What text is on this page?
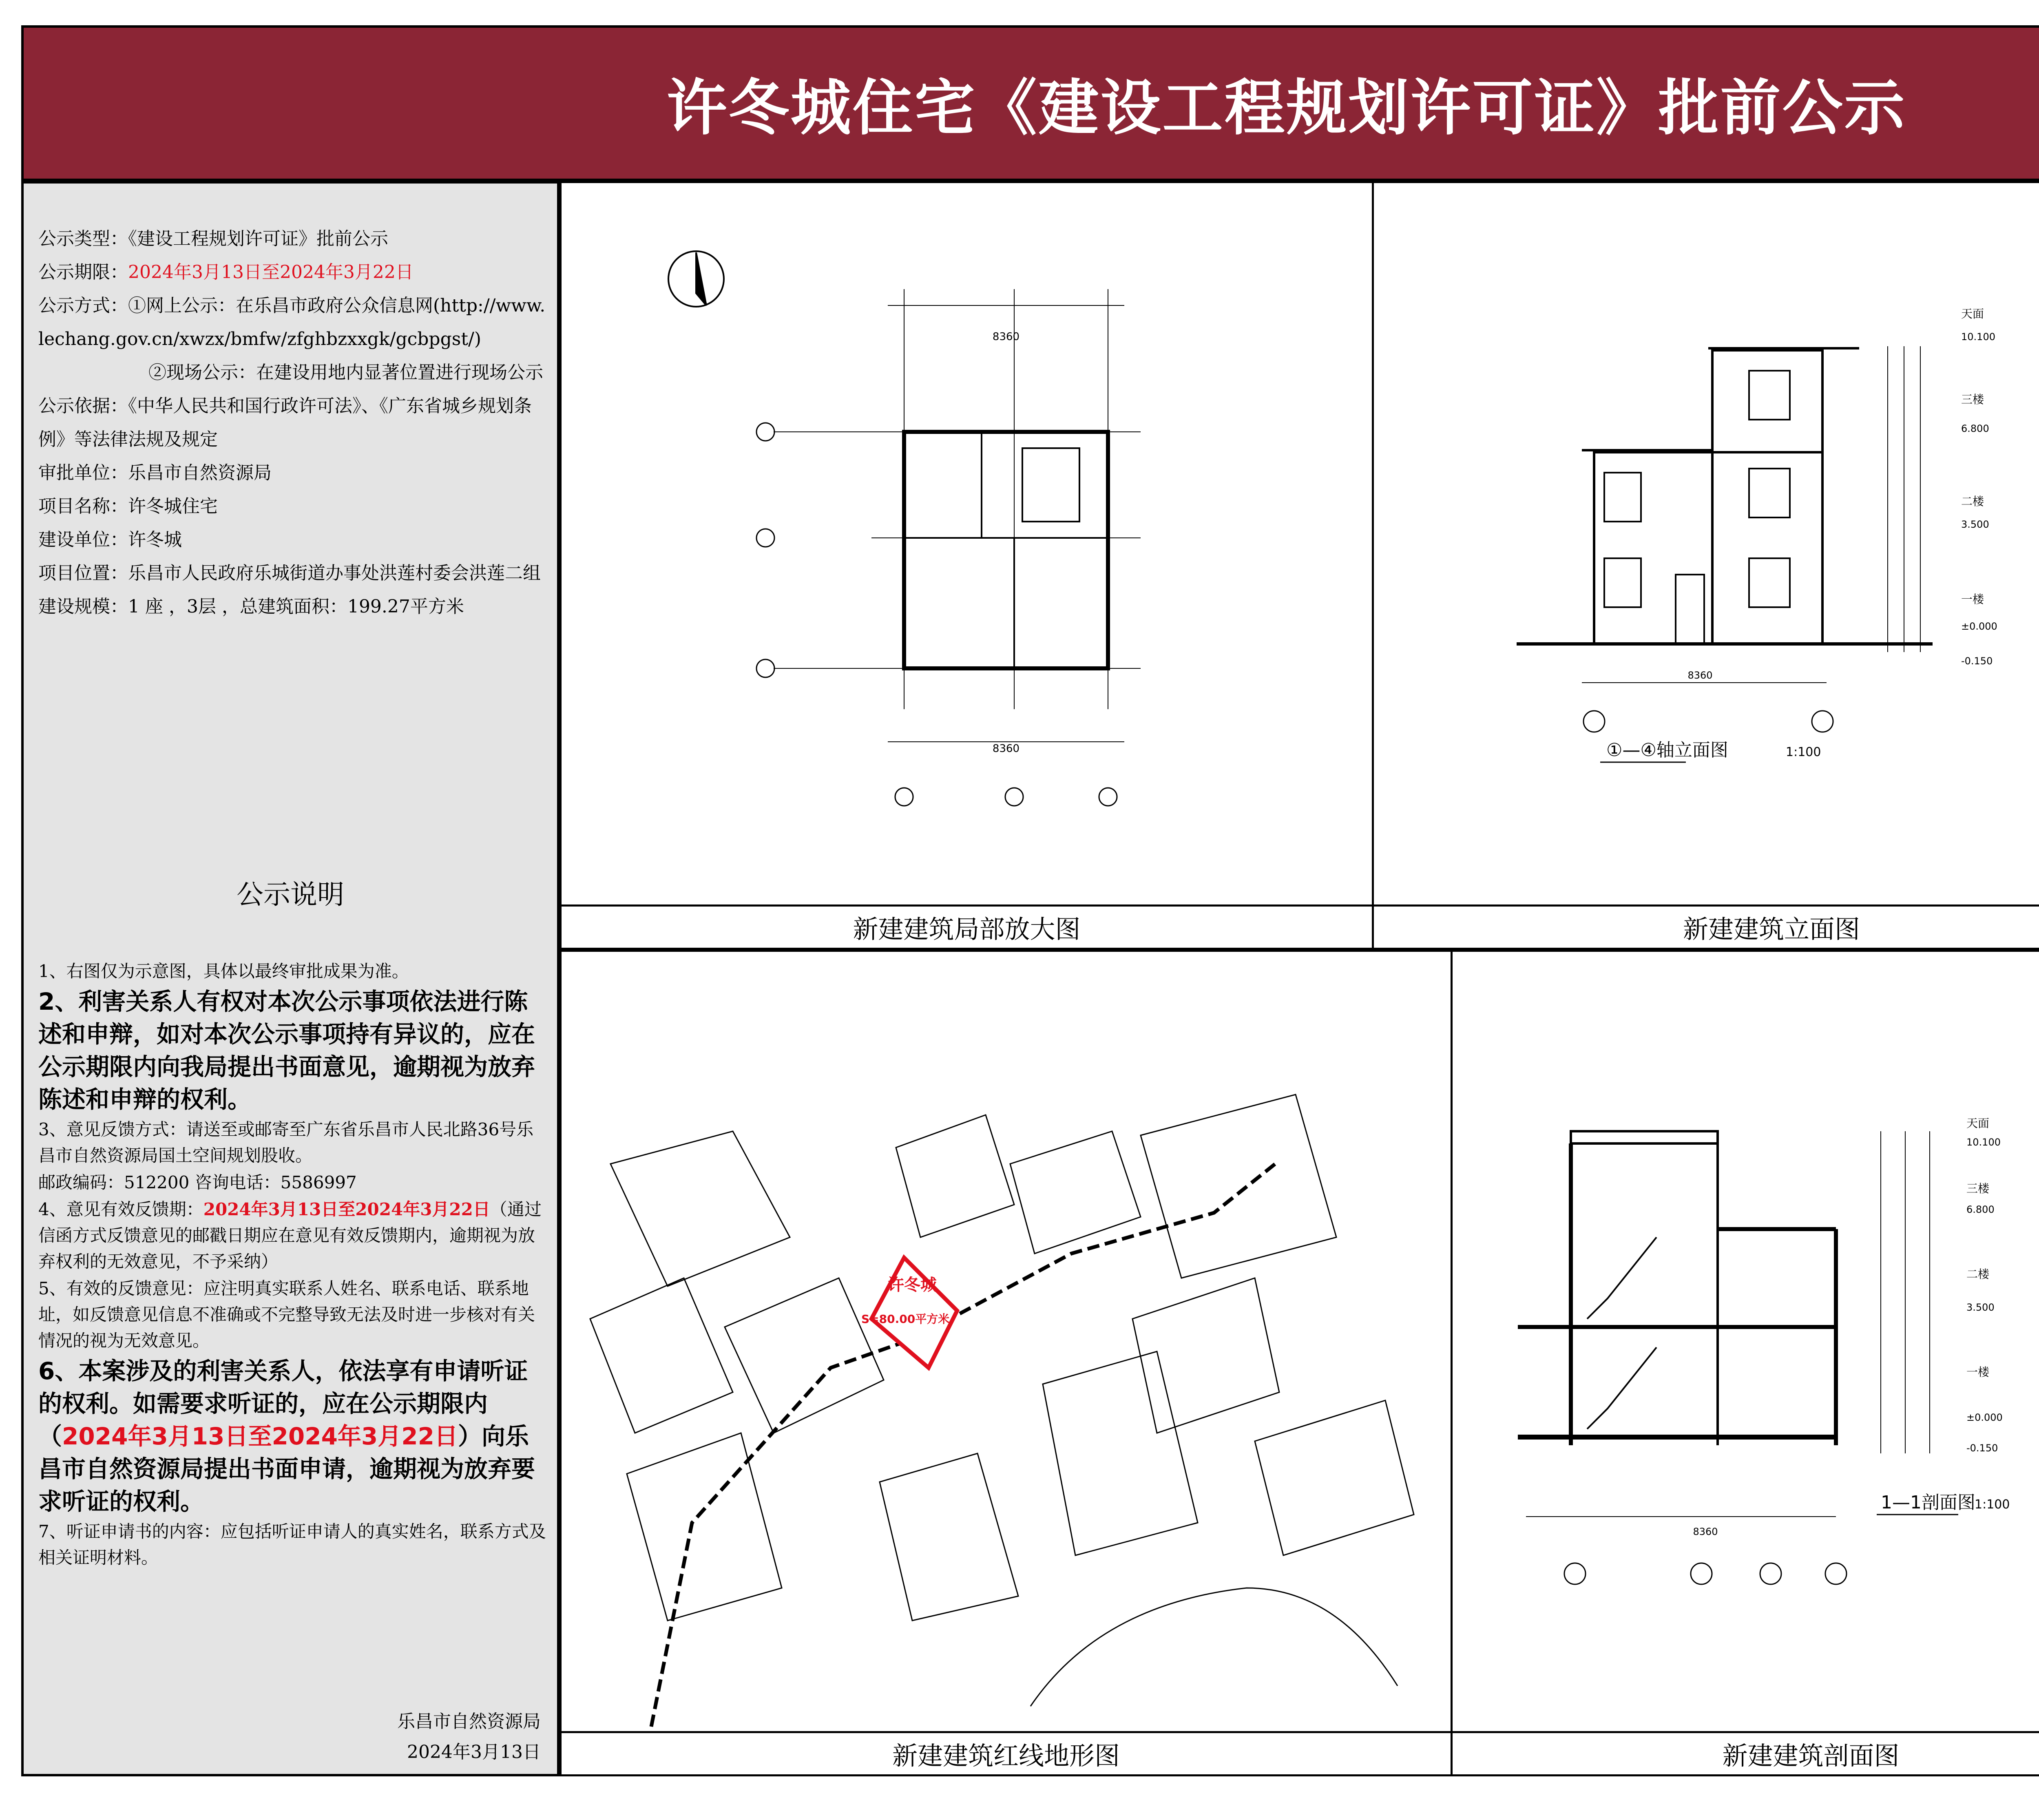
许冬城住宅《建设工程规划许可证》批前公示

公示类型：《建设工程规划许可证》批前公示

公示期限：2024年3月13日至2024年3月22日

公示方式：①网上公示：在乐昌市政府公众信息网(http://www.lechang.gov.cn/xwzx/bmfw/zfghbzxxgk/gcbpgst/)

②现场公示：在建设用地内显著位置进行现场公示

公示依据：《中华人民共和国行政许可法》、《广东省城乡规划条例》等法律法规及规定

审批单位：乐昌市自然资源局

项目名称：许冬城住宅

建设单位：许冬城

项目位置：乐昌市人民政府乐城街道办事处洪莲村委会洪莲二组

建设规模：1 座 ，3层 ，总建筑面积：199.27平方米

公示说明

1、右图仅为示意图，具体以最终审批成果为准。

2、利害关系人有权对本次公示事项依法进行陈述和申辩，如对本次公示事项持有异议的，应在公示期限内向我局提出书面意见，逾期视为放弃陈述和申辩的权利。

3、意见反馈方式：请送至或邮寄至广东省乐昌市人民北路36号乐昌市自然资源局国土空间规划股收。

邮政编码：512200 咨询电话：5586997

4、意见有效反馈期：2024年3月13日至2024年3月22日（通过信函方式反馈意见的邮戳日期应在意见有效反馈期内，逾期视为放弃权利的无效意见，不予采纳）

5、有效的反馈意见：应注明真实联系人姓名、联系电话、联系地址，如反馈意见信息不准确或不完整导致无法及时进一步核对有关情况的视为无效意见。

6、本案涉及的利害关系人，依法享有申请听证的权利。如需要求听证的，应在公示期限内（2024年3月13日至2024年3月22日）向乐昌市自然资源局提出书面申请，逾期视为放弃要求听证的权利。

7、听证申请书的内容：应包括听证申请人的真实姓名，联系方式及相关证明材料。

乐昌市自然资源局
2024年3月13日
8360
8360
新建建筑局部放大图
天面
10.100
三楼
6.800
二楼
3.500
一楼
±0.000
-0.150
8360
①—④轴立面图	1:100
新建建筑立面图
许冬城
S=80.00平方米
新建建筑红线地形图
天面
10.100
三楼
6.800
二楼
3.500
一楼
±0.000
-0.150
8360
1—1剖面图
1:100
新建建筑剖面图
